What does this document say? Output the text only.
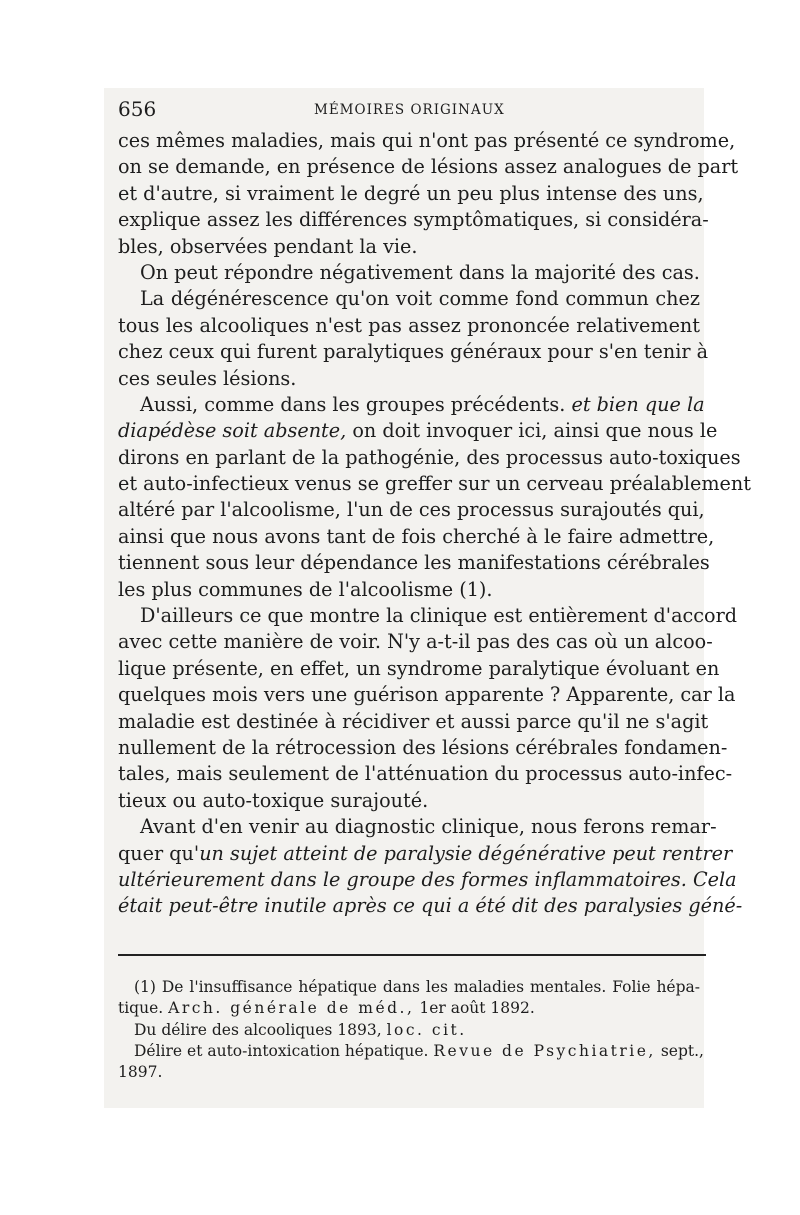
656	MÉMOIRES ORIGINAUX
ces mêmes maladies, mais qui n'ont pas présenté ce syndrome,
on se demande, en présence de lésions assez analogues de part
et d'autre, si vraiment le degré un peu plus intense des uns,
explique assez les différences symptômatiques, si considéra-
bles, observées pendant la vie.
On peut répondre négativement dans la majorité des cas.
La dégénérescence qu'on voit comme fond commun chez
tous les alcooliques n'est pas assez prononcée relativement
chez ceux qui furent paralytiques généraux pour s'en tenir à
ces seules lésions.
Aussi, comme dans les groupes précédents. et bien que la
diapédèse soit absente, on doit invoquer ici, ainsi que nous le
dirons en parlant de la pathogénie, des processus auto-toxiques
et auto-infectieux venus se greffer sur un cerveau préalablement
altéré par l'alcoolisme, l'un de ces processus surajoutés qui,
ainsi que nous avons tant de fois cherché à le faire admettre,
tiennent sous leur dépendance les manifestations cérébrales
les plus communes de l'alcoolisme (1).
D'ailleurs ce que montre la clinique est entièrement d'accord
avec cette manière de voir. N'y a-t-il pas des cas où un alcoo-
lique présente, en effet, un syndrome paralytique évoluant en
quelques mois vers une guérison apparente ? Apparente, car la
maladie est destinée à récidiver et aussi parce qu'il ne s'agit
nullement de la rétrocession des lésions cérébrales fondamen-
tales, mais seulement de l'atténuation du processus auto-infec-
tieux ou auto-toxique surajouté.
Avant d'en venir au diagnostic clinique, nous ferons remar-
quer qu'un sujet atteint de paralysie dégénérative peut rentrer
ultérieurement dans le groupe des formes inflammatoires. Cela
était peut-être inutile après ce qui a été dit des paralysies géné-
(1) De l'insuffisance hépatique dans les maladies mentales. Folie hépa-
tique. Arch. générale de méd., 1er août 1892.
Du délire des alcooliques 1893, loc. cit.
Délire et auto-intoxication hépatique. Revue de Psychiatrie, sept.,
1897.
